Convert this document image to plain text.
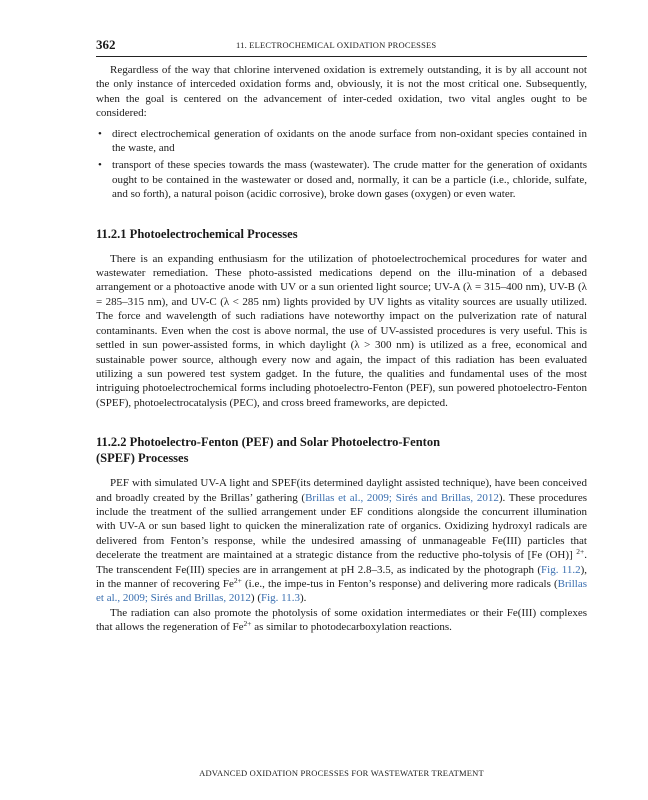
362	11. ELECTROCHEMICAL OXIDATION PROCESSES

Regardless of the way that chlorine intervened oxidation is extremely outstanding, it is by all account not the only instance of interceded oxidation forms and, obviously, it is not the most critical one. Subsequently, when the goal is centered on the advancement of inter-ceded oxidation, two vital angles ought to be considered:

• direct electrochemical generation of oxidants on the anode surface from non-oxidant species contained in the waste, and
• transport of these species towards the mass (wastewater). The crude matter for the generation of oxidants ought to be contained in the wastewater or dosed and, normally, it can be a particle (i.e., chloride, sulfate, and so forth), a natural poison (acidic corrosive), broke down gases (oxygen) or even water.
11.2.1 Photoelectrochemical Processes

There is an expanding enthusiasm for the utilization of photoelectrochemical procedures for water and wastewater remediation. These photo-assisted medications depend on the illu-mination of a debased arrangement or a photoactive anode with UV or a sun oriented light source; UV-A (λ = 315–400 nm), UV-B (λ = 285–315 nm), and UV-C (λ < 285 nm) lights provided by UV lights as vitality sources are usually utilized. The force and wavelength of such radiations have noteworthy impact on the pulverization rate of natural contaminants. Even when the cost is above normal, the use of UV-assisted procedures is very useful. This is settled in sun power-assisted forms, in which daylight (λ > 300 nm) is utilized as a free, economical and sustainable power source, although every now and again, the impact of this radiation has been evaluated utilizing a sun powered test system gadget. In the future, the qualities and fundamental uses of the most intriguing photoelectrochemical forms including photoelectro-Fenton (PEF), sun powered photoelectro-Fenton (SPEF), photoelectrocatalysis (PEC), and cross breed frameworks, are depicted.

11.2.2 Photoelectro-Fenton (PEF) and Solar Photoelectro-Fenton
(SPEF) Processes

PEF with simulated UV-A light and SPEF(its determined daylight assisted technique), have been conceived and broadly created by the Brillas’ gathering (Brillas et al., 2009; Sirés and Brillas, 2012). These procedures include the treatment of the sullied arrangement under EF conditions alongside the concurrent illumination with UV-A or sun based light to quicken the mineralization rate of organics. Oxidizing hydroxyl radicals are delivered from Fenton’s response, while the undesired amassing of unmanageable Fe(III) particles that decelerate the treatment are maintained at a strategic distance from the reductive pho-tolysis of [Fe (OH)] $^{2+}$. The transcendent Fe(III) species are in arrangement at pH 2.8–3.5, as indicated by the photograph (Fig. 11.2), in the manner of recovering $Fe^{2+}$ (i.e., the impe-tus in Fenton’s response) and delivering more radicals (Brillas et al., 2009; Sirés and Brillas, 2012) (Fig. 11.3).

The radiation can also promote the photolysis of some oxidation intermediates or their Fe(III) complexes that allows the regeneration of $Fe^{2+}$ as similar to photodecarboxylation reactions.

ADVANCED OXIDATION PROCESSES FOR WASTEWATER TREATMENT
